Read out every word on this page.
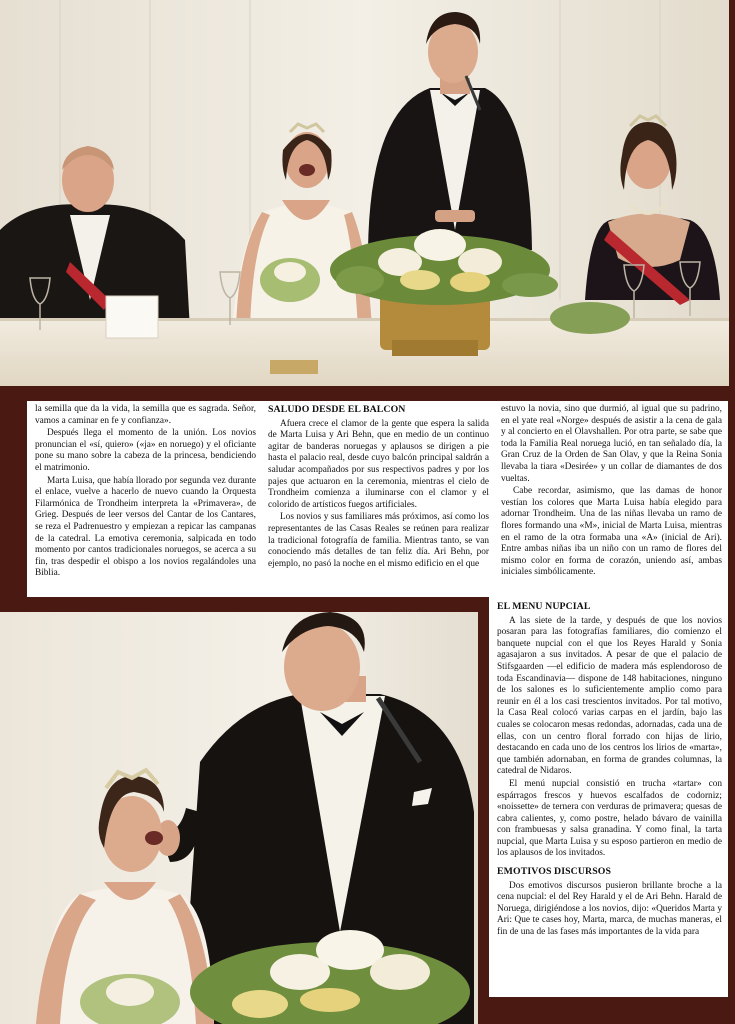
la semilla que da la vida, la semilla que es sagrada. Señor, vamos a caminar en fe y confianza».

Después llega el momento de la unión. Los novios pronuncian el «sí, quiero» («ja» en noruego) y el oficiante pone su mano sobre la cabeza de la princesa, bendiciendo el matrimonio.

Marta Luisa, que había llorado por segunda vez durante el enlace, vuelve a hacerlo de nuevo cuando la Orquesta Filarmónica de Trondheim interpreta la «Primavera», de Grieg. Después de leer versos del Cantar de los Cantares, se reza el Padrenuestro y empiezan a repicar las campanas de la catedral. La emotiva ceremonia, salpicada en todo momento por cantos tradicionales noruegos, se acerca a su fin, tras despedir el obispo a los novios regalándoles una Biblia.

SALUDO DESDE EL BALCON

Afuera crece el clamor de la gente que espera la salida de Marta Luisa y Ari Behn, que en medio de un continuo agitar de banderas noruegas y aplausos se dirigen a pie hasta el palacio real, desde cuyo balcón principal saldrán a saludar acompañados por sus respectivos padres y por los pajes que actuaron en la ceremonia, mientras el cielo de Trondheim comienza a iluminarse con el clamor y el colorido de artísticos fuegos artificiales.

Los novios y sus familiares más próximos, así como los representantes de las Casas Reales se reúnen para realizar la tradicional fotografía de familia. Mientras tanto, se van conociendo más detalles de tan feliz día. Ari Behn, por ejemplo, no pasó la noche en el mismo edificio en el que

estuvo la novia, sino que durmió, al igual que su padrino, en el yate real «Norge» después de asistir a la cena de gala y al concierto en el Olavshallen. Por otra parte, se sabe que toda la Familia Real noruega lució, en tan señalado día, la Gran Cruz de la Orden de San Olav, y que la Reina Sonia llevaba la tiara «Desirée» y un collar de diamantes de dos vueltas.

Cabe recordar, asimismo, que las damas de honor vestían los colores que Marta Luisa había elegido para adornar Trondheim. Una de las niñas llevaba un ramo de flores formando una «M», inicial de Marta Luisa, mientras en el ramo de la otra formaba una «A» (inicial de Ari). Entre ambas niñas iba un niño con un ramo de flores del mismo color en forma de corazón, uniendo así, ambas iniciales simbólicamente.

EL MENU NUPCIAL

A las siete de la tarde, y después de que los novios posaran para las fotografías familiares, dio comienzo el banquete nupcial con el que los Reyes Harald y Sonia agasajaron a sus invitados. A pesar de que el palacio de Stifsgaarden —el edificio de madera más esplendoroso de toda Escandinavia— dispone de 148 habitaciones, ninguno de los salones es lo suficientemente amplio como para reunir en él a los casi trescientos invitados. Por tal motivo, la Casa Real colocó varias carpas en el jardín, bajo las cuales se colocaron mesas redondas, adornadas, cada una de ellas, con un centro floral forrado con hijas de lirio, destacando en cada uno de los centros los lirios de «marta», que también adornaban, en forma de grandes columnas, la catedral de Nidaros.

El menú nupcial consistió en trucha «tartar» con espárragos frescos y huevos escalfados de codorniz; «noissette» de ternera con verduras de primavera; quesas de cabra calientes, y, como postre, helado bávaro de vainilla con frambuesas y salsa granadina. Y como final, la tarta nupcial, que Marta Luisa y su esposo partieron en medio de los aplausos de los invitados.

EMOTIVOS DISCURSOS

Dos emotivos discursos pusieron brillante broche a la cena nupcial: el del Rey Harald y el de Ari Behn. Harald de Noruega, dirigiéndose a los novios, dijo: «Queridos Marta y Ari: Que te cases hoy, Marta, marca, de muchas maneras, el fin de una de las fases más importantes de la vida para
